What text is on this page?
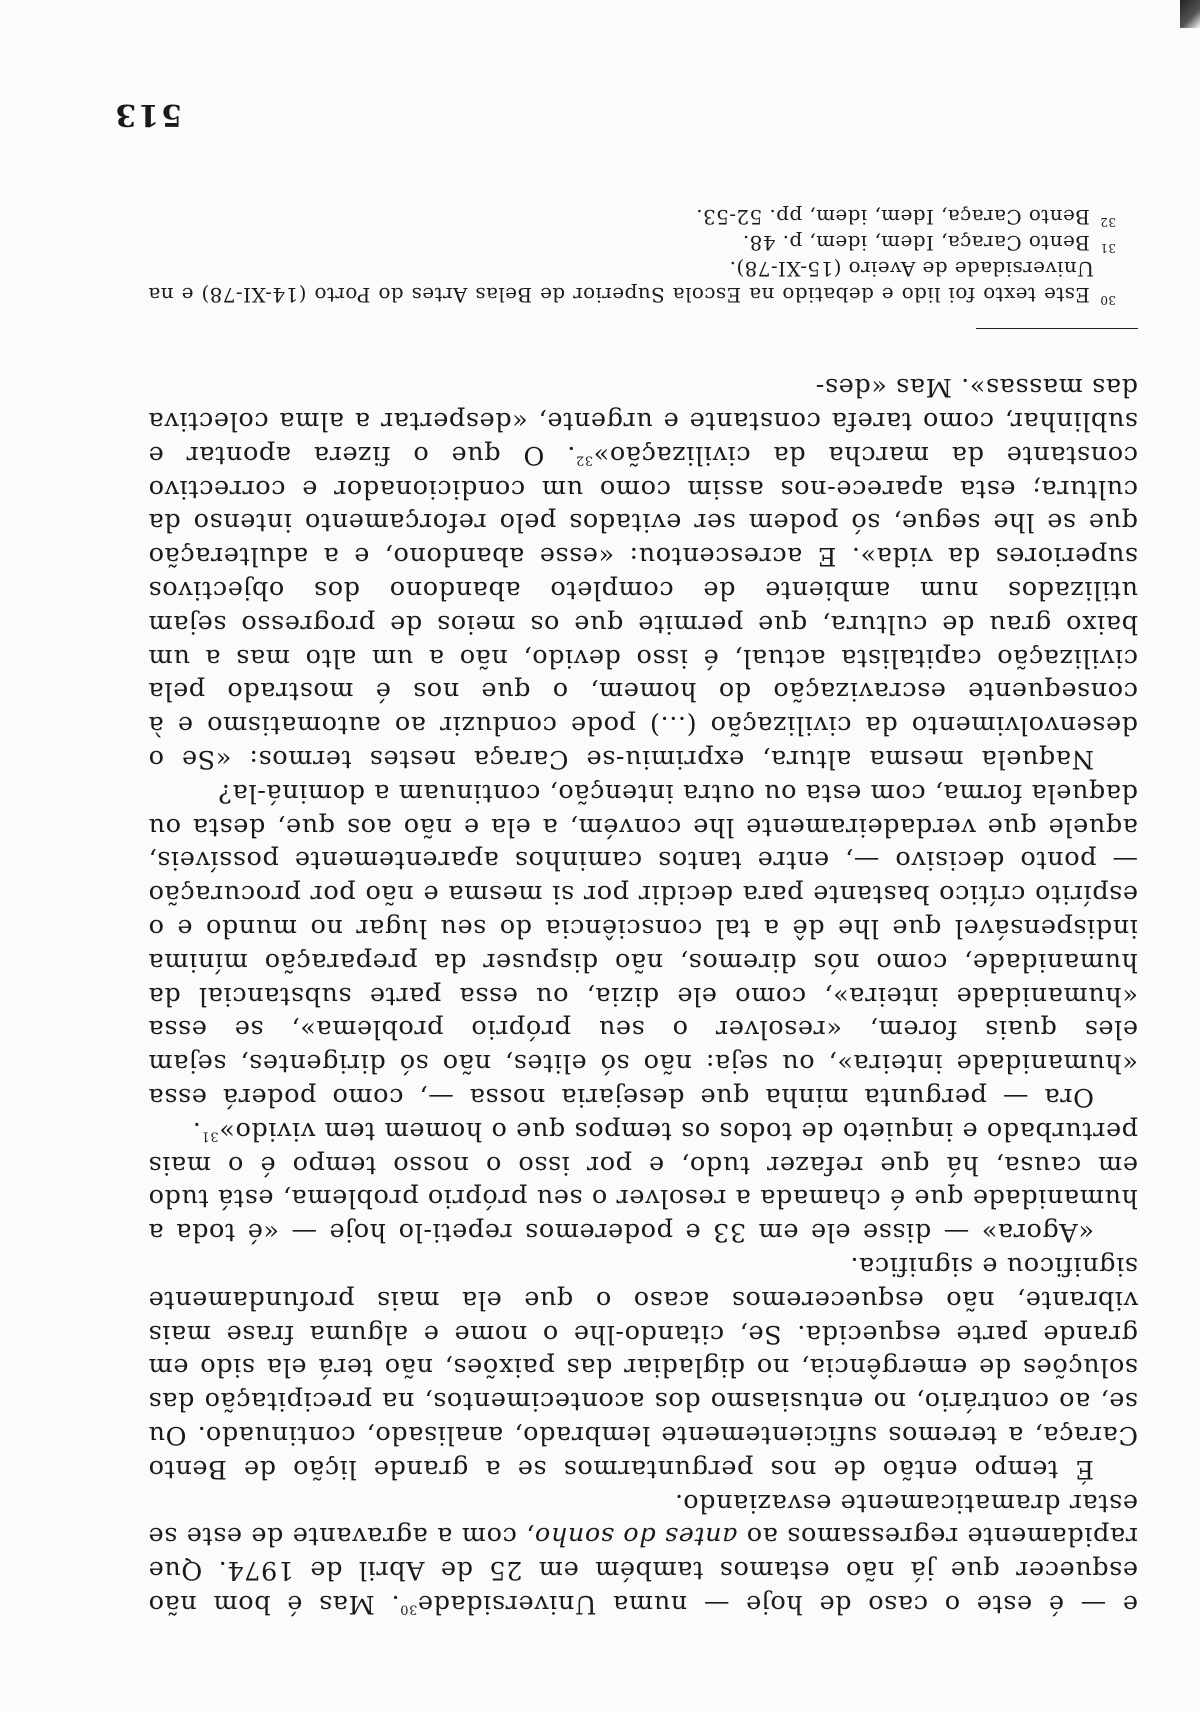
e — é este o caso de hoje — numa Universidade$^{30}$. Mas é bom não esquecer que já não estamos também em 25 de Abril de 1974. Que rapidamente regressamos ao antes do sonho, com a agravante de este se estar dramaticamente esvaziando.

É tempo então de nos perguntarmos se a grande lição de Bento Caraça, a teremos suficientemente lembrado, analisado, continuado. Ou se, ao contrário, no entusiasmo dos acontecimentos, na precipitação das soluções de emergência, no digladiar das paixões, não terá ela sido em grande parte esquecida. Se, citando-lhe o nome e alguma frase mais vibrante, não esqueceremos acaso o que ela mais profundamente significou e significa.

«Agora» — disse ele em 33 e poderemos repeti-lo hoje — «é toda a humanidade que é chamada a resolver o seu próprio problema, está tudo em causa, há que refazer tudo, e por isso o nosso tempo é o mais perturbado e inquieto de todos os tempos que o homem tem vivido»$^{31}$.

Ora — pergunta minha que desejaria nossa —, como poderá essa «humanidade inteira», ou seja: não só elites, não só dirigentes, sejam eles quais forem, «resolver o seu próprio problema», se essa «humanidade inteira», como ele dizia, ou essa parte substancial da humanidade, como nós diremos, não dispuser da preparação mínima indispensável que lhe dê a tal consciência do seu lugar no mundo e o espírito crítico bastante para decidir por si mesma e não por procuração — ponto decisivo —, entre tantos caminhos aparentemente possíveis, aquele que verdadeiramente lhe convém, a ela e não aos que, desta ou daquela forma, com esta ou outra intenção, continuam a dominá-la?

Naquela mesma altura, exprimiu-se Caraça nestes termos: «Se o desenvolvimento da civilização (...) pode conduzir ao automatismo e à consequente escravização do homem, o que nos é mostrado pela civilização capitalista actual, é isso devido, não a um alto mas a um baixo grau de cultura, que permite que os meios de progresso sejam utilizados num ambiente de completo abandono dos objectivos superiores da vida». E acrescentou: «esse abandono, e a adulteração que se lhe segue, só podem ser evitados pelo reforçamento intenso da cultura; esta aparece-nos assim como um condicionador e correctivo constante da marcha da civilização»$^{32}$. O que o fizera apontar e sublinhar, como tarefa constante e urgente, «despertar a alma colectiva das massas». Mas «des-

$^{30}$Este texto foi lido e debatido na Escola Superior de Belas Artes do Porto (14-XI-78) e na Universidade de Aveiro (15-XI-78).

$^{31}$Bento Caraça, Idem, idem, p. 48.

$^{32}$Bento Caraça, Idem, idem, pp. 52-53.

513
